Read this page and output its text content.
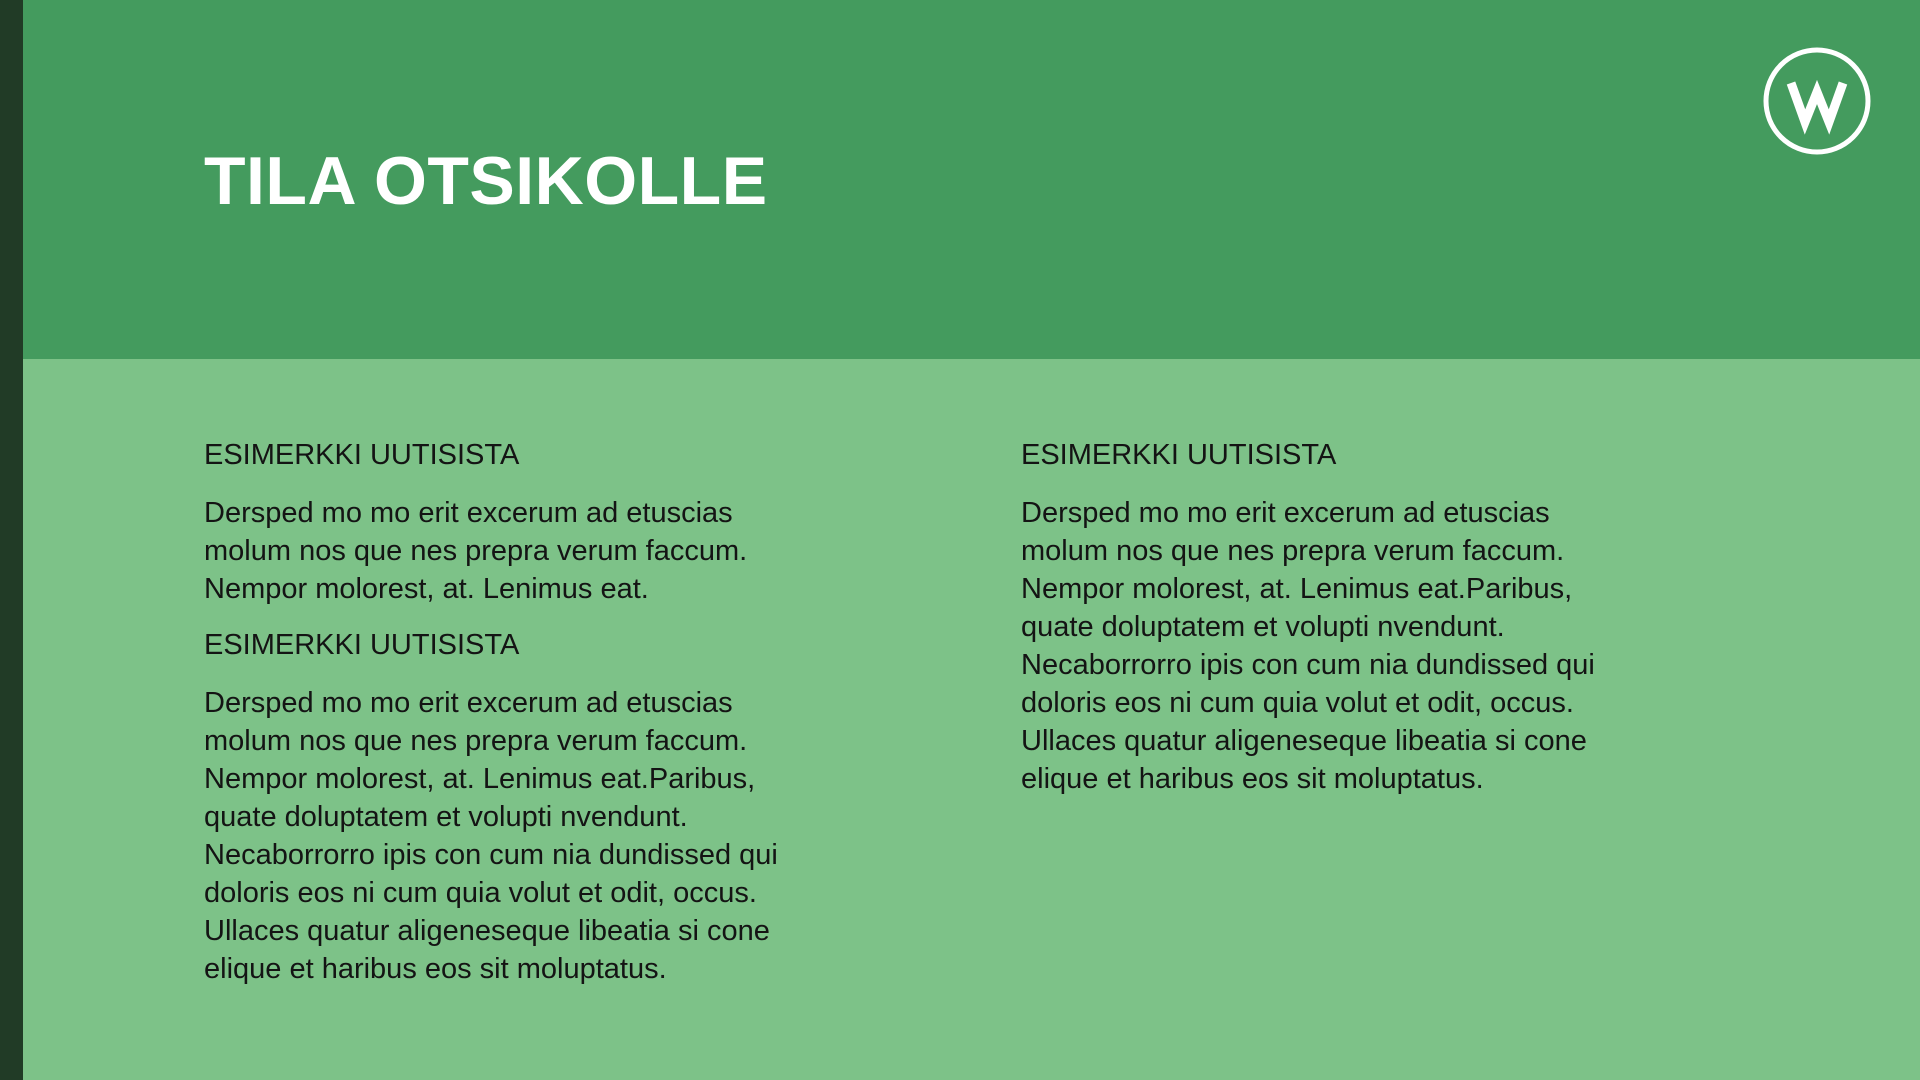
TILA OTSIKOLLE

ESIMERKKI UUTISISTA

Dersped mo mo erit excerum ad etuscias
molum nos que nes prepra verum faccum.
Nempor molorest, at. Lenimus eat.

ESIMERKKI UUTISISTA

Dersped mo mo erit excerum ad etuscias
molum nos que nes prepra verum faccum.
Nempor molorest, at. Lenimus eat.Paribus,
quate doluptatem et volupti nvendunt.
Necaborrorro ipis con cum nia dundissed qui
doloris eos ni cum quia volut et odit, occus.
Ullaces quatur aligeneseque libeatia si cone
elique et haribus eos sit moluptatus.

ESIMERKKI UUTISISTA

Dersped mo mo erit excerum ad etuscias
molum nos que nes prepra verum faccum.
Nempor molorest, at. Lenimus eat.Paribus,
quate doluptatem et volupti nvendunt.
Necaborrorro ipis con cum nia dundissed qui
doloris eos ni cum quia volut et odit, occus.
Ullaces quatur aligeneseque libeatia si cone
elique et haribus eos sit moluptatus.
